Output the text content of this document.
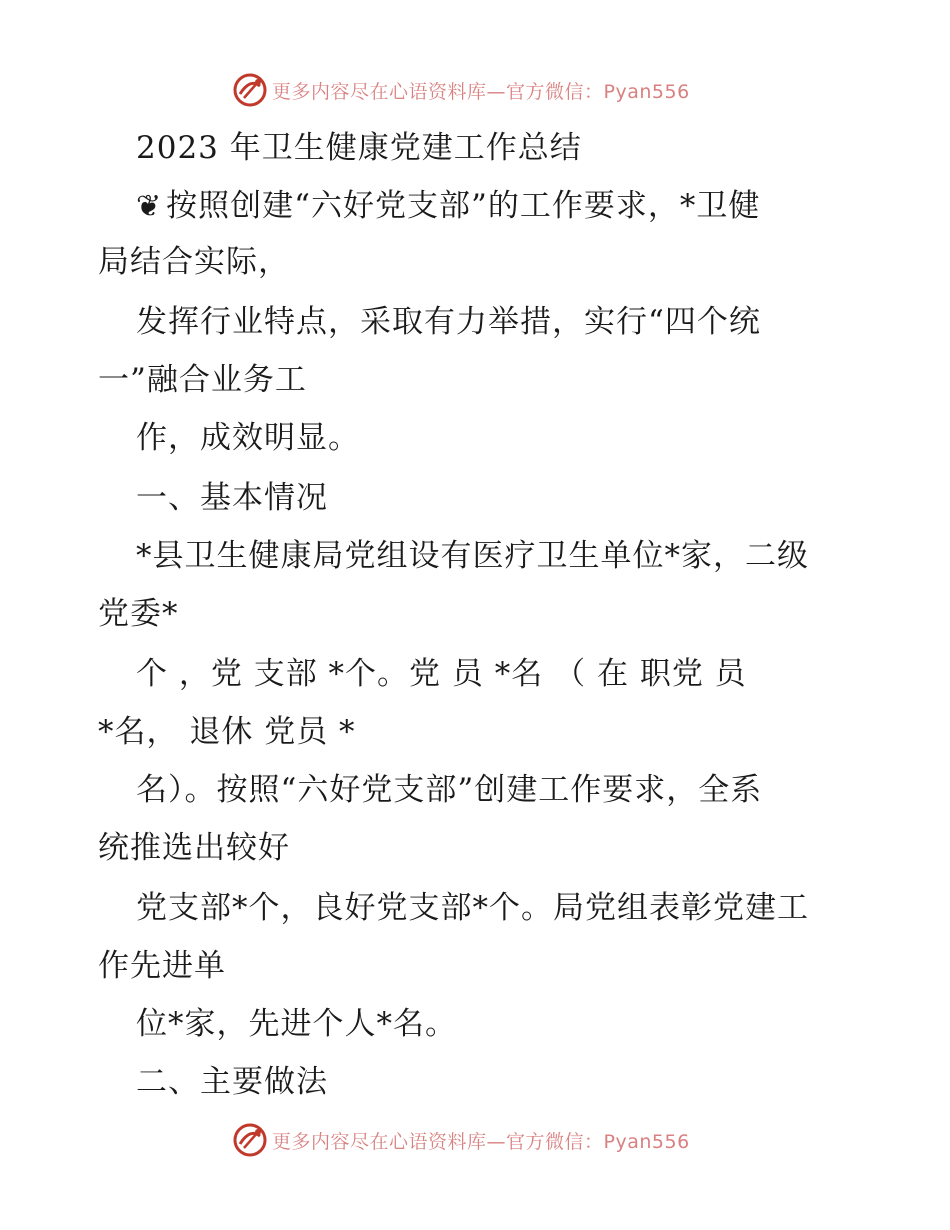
更多内容尽在心语资料库—官方微信：Pyan556
2023 年卫生健康党建工作总结
❦ 按照创建“六好党支部”的工作要求，*卫健
局结合实际，
发挥行业特点，采取有力举措，实行“四个统
一”融合业务工
作，成效明显。
一、基本情况
*县卫生健康局党组设有医疗卫生单位*家，二级
党委*
个 ，党 支部 *个。党 员 *名 （ 在 职党 员
*名， 退休 党员 *
名）。按照“六好党支部”创建工作要求，全系
统推选出较好
党支部*个，良好党支部*个。局党组表彰党建工
作先进单
位*家，先进个人*名。
二、主要做法
更多内容尽在心语资料库—官方微信：Pyan556
